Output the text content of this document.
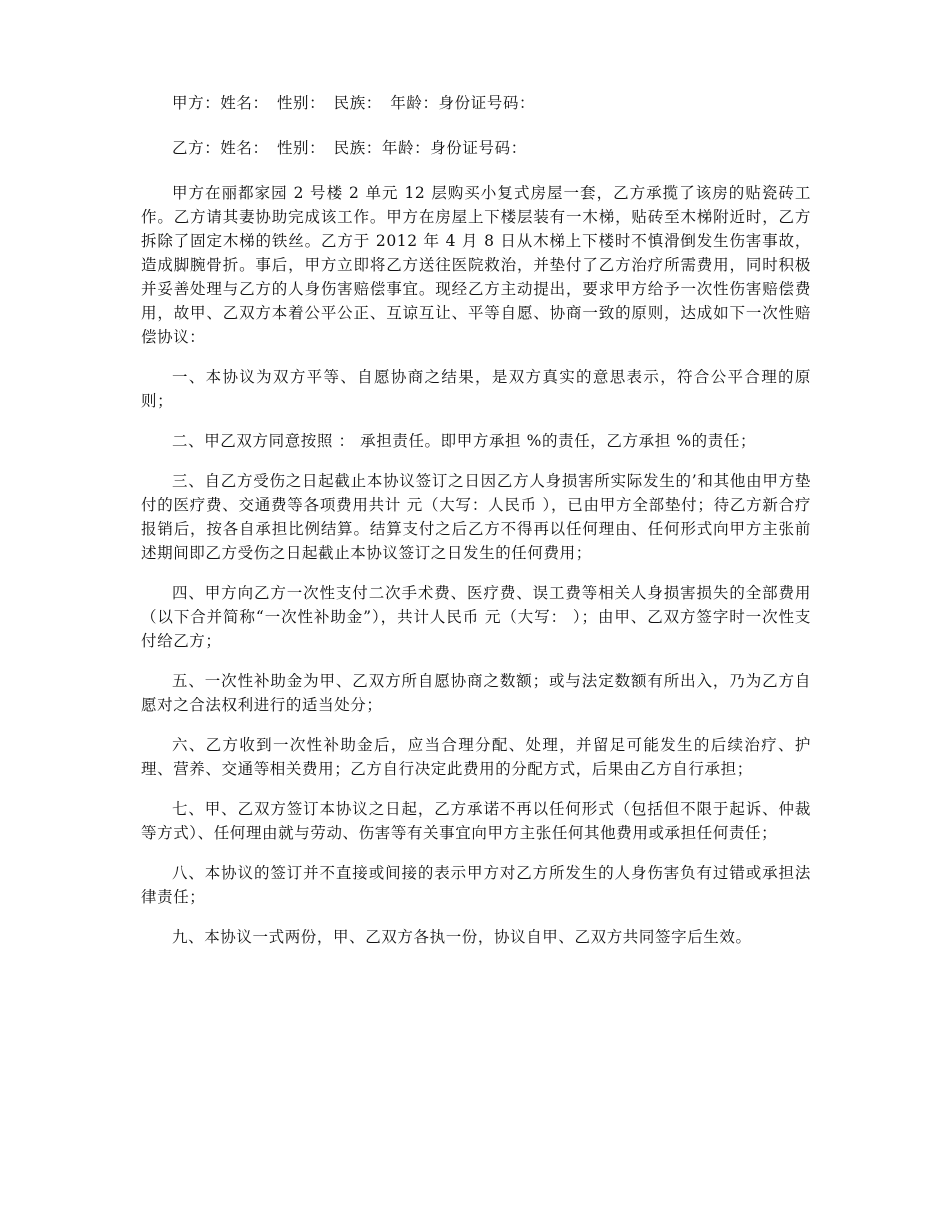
甲方：姓名：　性别：　民族：　年龄：身份证号码：

乙方：姓名：　性别：　民族：年龄：身份证号码：

甲方在丽都家园 2 号楼 2 单元 12 层购买小复式房屋一套，乙方承揽了该房的贴瓷砖工作。乙方请其妻协助完成该工作。甲方在房屋上下楼层装有一木梯，贴砖至木梯附近时，乙方拆除了固定木梯的铁丝。乙方于 2012 年 4 月 8 日从木梯上下楼时不慎滑倒发生伤害事故，造成脚腕骨折。事后，甲方立即将乙方送往医院救治，并垫付了乙方治疗所需费用，同时积极并妥善处理与乙方的人身伤害赔偿事宜。现经乙方主动提出，要求甲方给予一次性伤害赔偿费用，故甲、乙双方本着公平公正、互谅互让、平等自愿、协商一致的原则，达成如下一次性赔偿协议：

一、本协议为双方平等、自愿协商之结果，是双方真实的意思表示，符合公平合理的原则；

二、甲乙双方同意按照 ： 承担责任。即甲方承担 %的责任，乙方承担 %的责任；

三、自乙方受伤之日起截止本协议签订之日因乙方人身损害所实际发生的’和其他由甲方垫付的医疗费、交通费等各项费用共计 元（大写：人民币 ），已由甲方全部垫付；待乙方新合疗报销后，按各自承担比例结算。结算支付之后乙方不得再以任何理由、任何形式向甲方主张前述期间即乙方受伤之日起截止本协议签订之日发生的任何费用；

四、甲方向乙方一次性支付二次手术费、医疗费、误工费等相关人身损害损失的全部费用（以下合并简称“一次性补助金”），共计人民币 元（大写： ）；由甲、乙双方签字时一次性支付给乙方；

五、一次性补助金为甲、乙双方所自愿协商之数额；或与法定数额有所出入，乃为乙方自愿对之合法权利进行的适当处分；

六、乙方收到一次性补助金后，应当合理分配、处理，并留足可能发生的后续治疗、护理、营养、交通等相关费用；乙方自行决定此费用的分配方式，后果由乙方自行承担；

七、甲、乙双方签订本协议之日起，乙方承诺不再以任何形式（包括但不限于起诉、仲裁等方式）、任何理由就与劳动、伤害等有关事宜向甲方主张任何其他费用或承担任何责任；

八、本协议的签订并不直接或间接的表示甲方对乙方所发生的人身伤害负有过错或承担法律责任；

九、本协议一式两份，甲、乙双方各执一份，协议自甲、乙双方共同签字后生效。
